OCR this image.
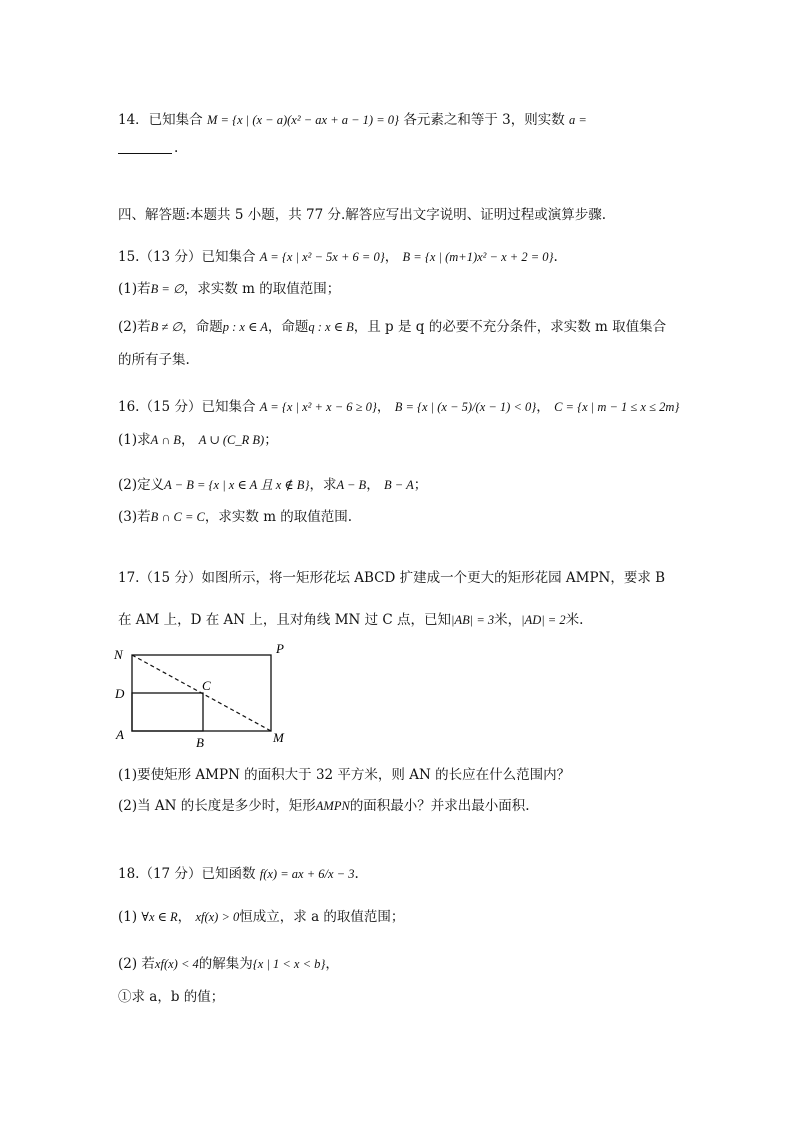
14．已知集合 M = {x | (x − a)(x² − ax + a − 1) = 0} 各元素之和等于 3，则实数 a =
.
四、解答题:本题共 5 小题，共 77 分.解答应写出文字说明、证明过程或演算步骤.
15.（13 分）已知集合 A = {x | x² − 5x + 6 = 0}， B = {x | (m+1)x² − x + 2 = 0}.
(1)若B = ∅，求实数 m 的取值范围；
(2)若B ≠ ∅，命题p : x ∈ A，命题q : x ∈ B，且 p 是 q 的必要不充分条件，求实数 m 取值集合
的所有子集.
16.（15 分）已知集合 A = {x | x² + x − 6 ≥ 0}， B = {x | (x − 5)/(x − 1) < 0}， C = {x | m − 1 ≤ x ≤ 2m}
(1)求A ∩ B， A ∪ (C_R B)；
(2)定义A − B = {x | x ∈ A 且 x ∉ B}，求A − B， B − A；
(3)若B ∩ C = C，求实数 m 的取值范围.
17.（15 分）如图所示，将一矩形花坛 ABCD 扩建成一个更大的矩形花园 AMPN，要求 B
在 AM 上，D 在 AN 上，且对角线 MN 过 C 点，已知|AB| = 3米，|AD| = 2米.
N	P
D
C
A
B	M
(1)要使矩形 AMPN 的面积大于 32 平方米，则 AN 的长应在什么范围内？
(2)当 AN 的长度是多少时，矩形AMPN的面积最小？并求出最小面积.
18.（17 分）已知函数 f(x) = ax + 6/x − 3.
(1) ∀x ∈ R， xf(x) > 0恒成立，求 a 的取值范围；
(2) 若xf(x) < 4的解集为{x | 1 < x < b}，
①求 a，b 的值；
